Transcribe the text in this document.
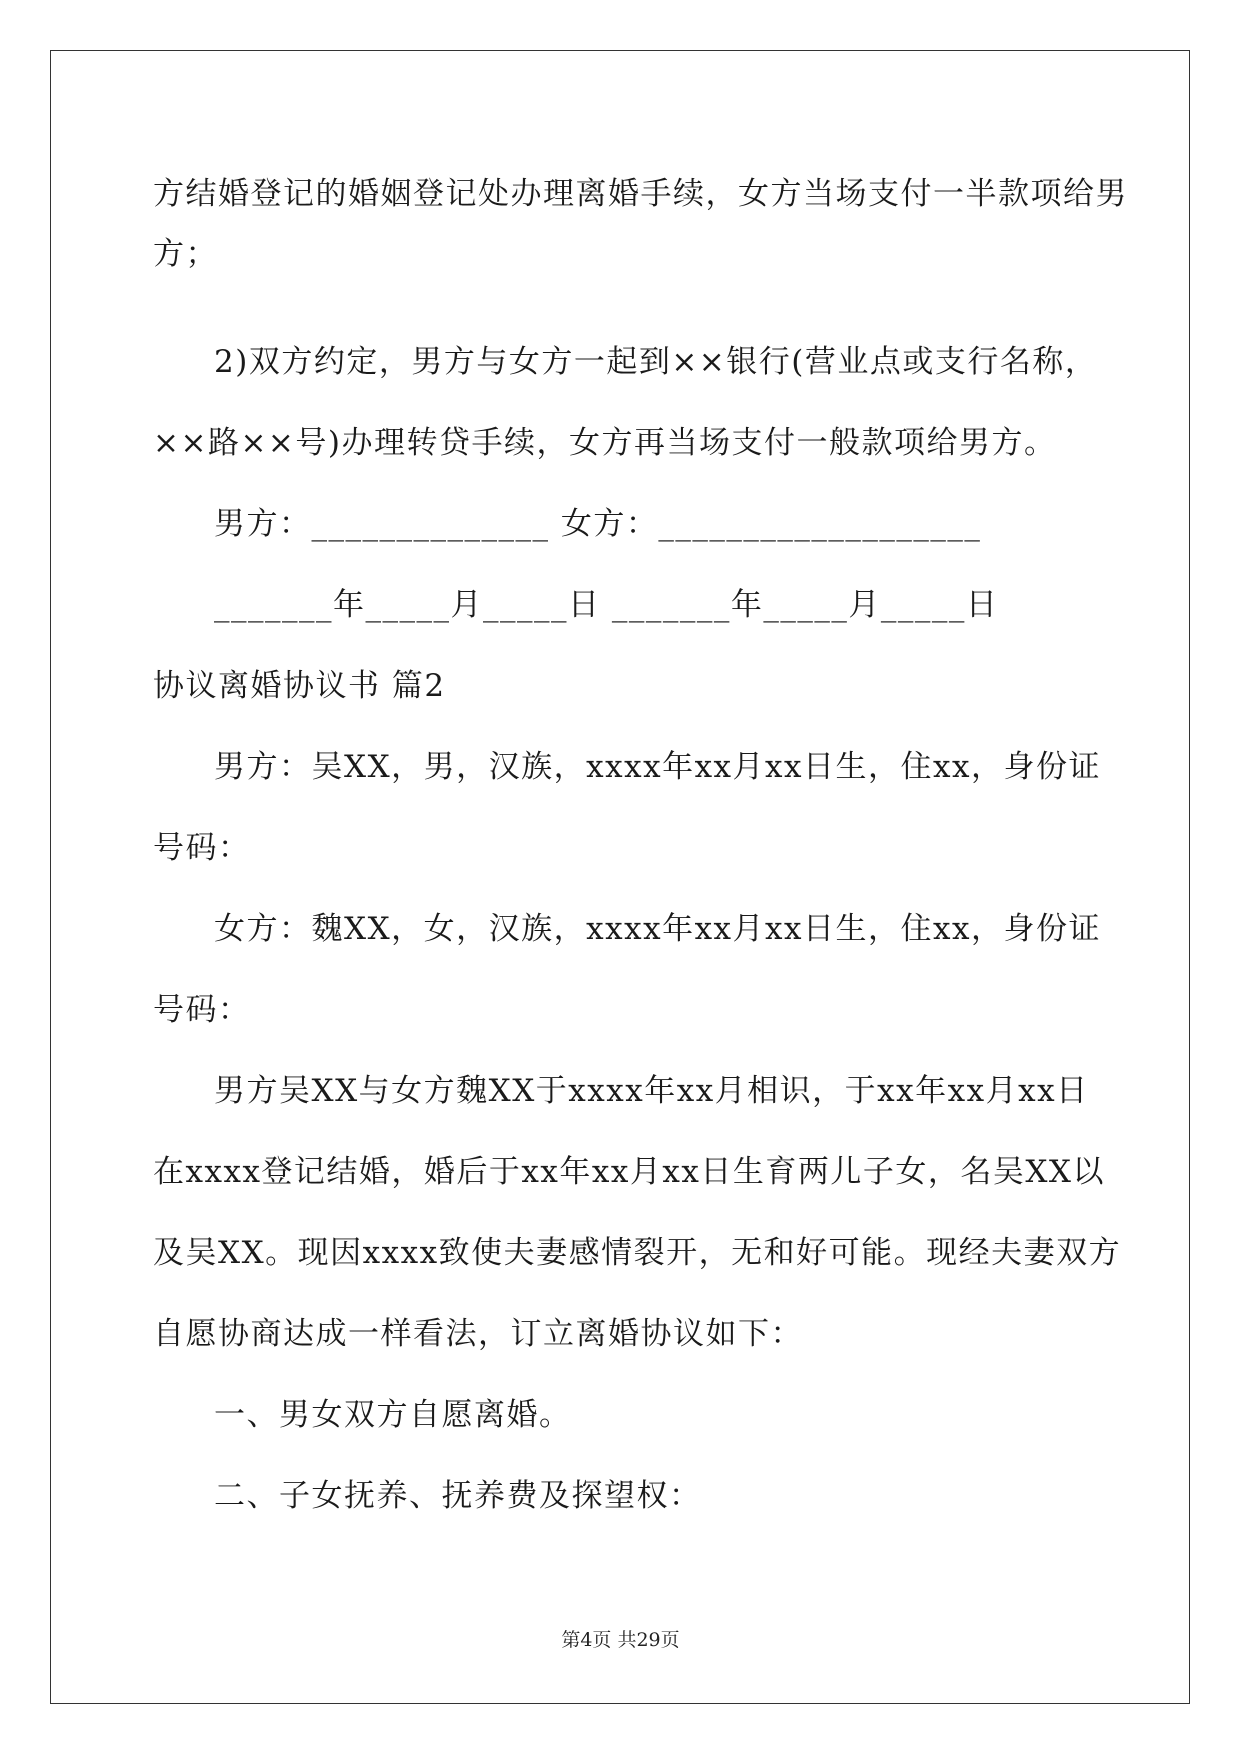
方结婚登记的婚姻登记处办理离婚手续，女方当场支付一半款项给男
方；
2)双方约定，男方与女方一起到××银行(营业点或支行名称，
××路××号)办理转贷手续，女方再当场支付一般款项给男方。
男方：______________ 女方：___________________
_______年_____月_____日 _______年_____月_____日
协议离婚协议书 篇2
男方：吴XX，男，汉族，xxxx年xx月xx日生，住xx，身份证
号码：
女方：魏XX，女，汉族，xxxx年xx月xx日生，住xx，身份证
号码：
男方吴XX与女方魏XX于xxxx年xx月相识，于xx年xx月xx日
在xxxx登记结婚，婚后于xx年xx月xx日生育两儿子女，名吴XX以
及吴XX。现因xxxx致使夫妻感情裂开，无和好可能。现经夫妻双方
自愿协商达成一样看法，订立离婚协议如下：
一、男女双方自愿离婚。
二、子女抚养、抚养费及探望权：
第4页 共29页
